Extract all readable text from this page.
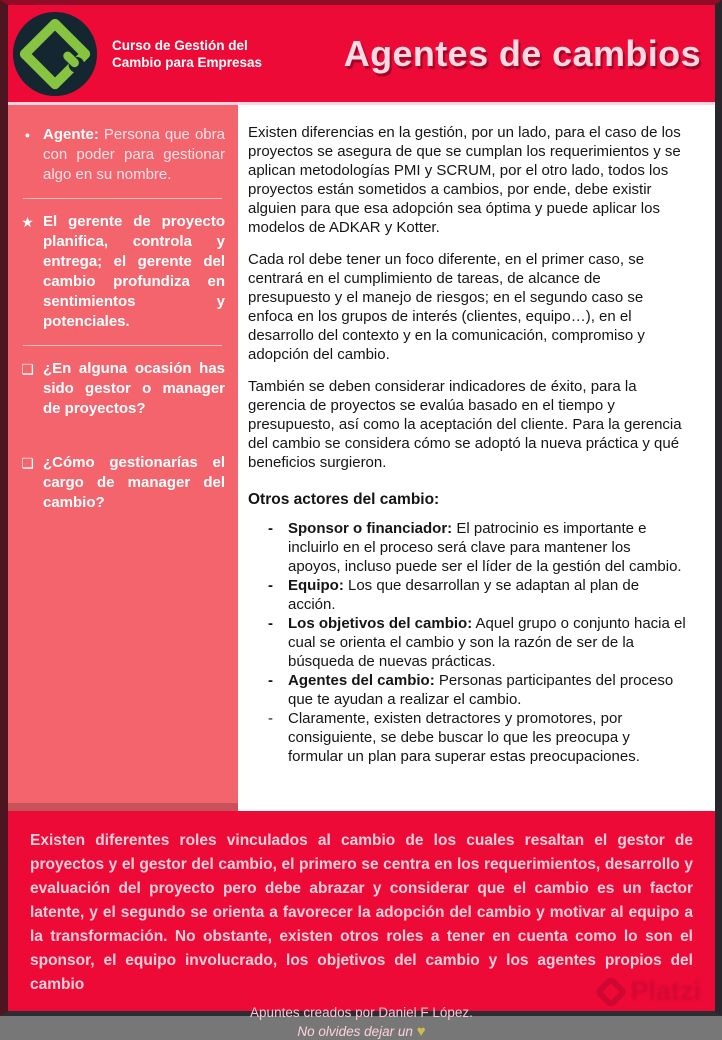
Curso de Gestión del
Cambio para Empresas Agentes de cambios
● Agente: Persona que obra con poder para gestionar algo en su nombre.

★ El gerente de proyecto planifica, controla y entrega; el gerente del cambio profundiza en sentimientos y potenciales.

❏ ¿En alguna ocasión has sido gestor o manager de proyectos?

❏ ¿Cómo gestionarías el cargo de manager del cambio?

Existen diferencias en la gestión, por un lado, para el caso de los proyectos se asegura de que se cumplan los requerimientos y se aplican metodologías PMI y SCRUM, por el otro lado, todos los proyectos están sometidos a cambios, por ende, debe existir alguien para que esa adopción sea óptima y puede aplicar los modelos de ADKAR y Kotter.

Cada rol debe tener un foco diferente, en el primer caso, se centrará en el cumplimiento de tareas, de alcance de presupuesto y el manejo de riesgos; en el segundo caso se enfoca en los grupos de interés (clientes, equipo…), en el desarrollo del contexto y en la comunicación, compromiso y adopción del cambio.

También se deben considerar indicadores de éxito, para la gerencia de proyectos se evalúa basado en el tiempo y presupuesto, así como la aceptación del cliente. Para la gerencia del cambio se considera cómo se adoptó la nueva práctica y qué beneficios surgieron.

Otros actores del cambio:
- Sponsor o financiador: El patrocinio es importante e incluirlo en el proceso será clave para mantener los apoyos, incluso puede ser el líder de la gestión del cambio.

- Equipo: Los que desarrollan y se adaptan al plan de acción.

- Los objetivos del cambio: Aquel grupo o conjunto hacia el cual se orienta el cambio y son la razón de ser de la búsqueda de nuevas prácticas.

- Agentes del cambio: Personas participantes del proceso que te ayudan a realizar el cambio.

- Claramente, existen detractores y promotores, por consiguiente, se debe buscar lo que les preocupa y formular un plan para superar estas preocupaciones.

Existen diferentes roles vinculados al cambio de los cuales resaltan el gestor de proyectos y el gestor del cambio, el primero se centra en los requerimientos, desarrollo y evaluación del proyecto pero debe abrazar y considerar que el cambio es un factor latente, y el segundo se orienta a favorecer la adopción del cambio y motivar al equipo a la transformación. No obstante, existen otros roles a tener en cuenta como lo son el sponsor, el equipo involucrado, los objetivos del cambio y los agentes propios del cambio

Apuntes creados por Daniel F López.
No olvides dejar un ♥
Platzi
